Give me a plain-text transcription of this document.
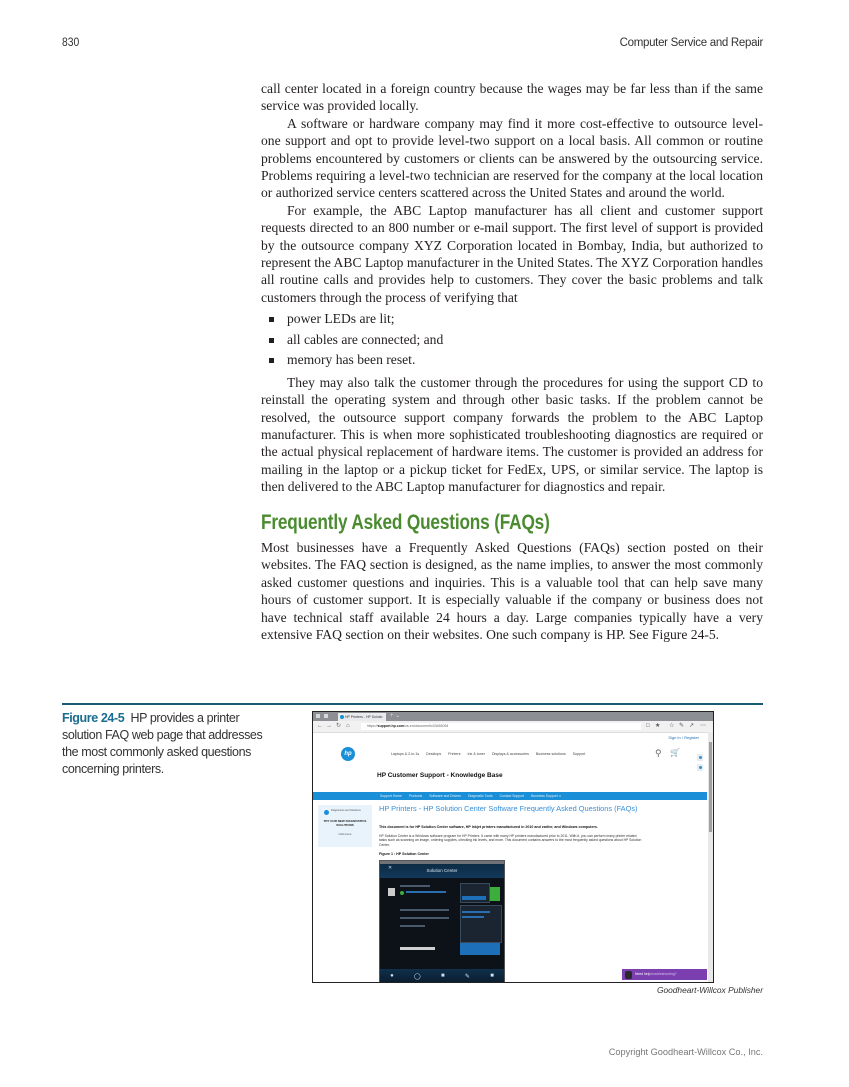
830	Computer Service and Repair

call center located in a foreign country because the wages may be far less than if the same service was provided locally.

A software or hardware company may find it more cost-effective to outsource level-one support and opt to provide level-two support on a local basis. All common or routine problems encountered by customers or clients can be answered by the outsourcing service. Problems requiring a level-two technician are reserved for the company at the local location or authorized service centers scattered across the United States and around the world.

For example, the ABC Laptop manufacturer has all client and customer support requests directed to an 800 number or e-mail support. The first level of support is provided by the outsource company XYZ Corporation located in Bombay, India, but authorized to represent the ABC Laptop manufacturer in the United States. The XYZ Corporation handles all routine calls and provides help to customers. They cover the basic problems and talk customers through the process of verifying that

power LEDs are lit;
all cables are connected; and
memory has been reset.

They may also talk the customer through the procedures for using the support CD to reinstall the operating system and through other basic tasks. If the problem cannot be resolved, the outsource support company forwards the problem to the ABC Laptop manufacturer. This is when more sophisticated troubleshooting diagnostics are required or the actual physical replacement of hardware items. The customer is provided an address for mailing in the laptop or a pickup ticket for FedEx, UPS, or similar service. The laptop is then delivered to the ABC Laptop manufacturer for diagnostics and repair.

Frequently Asked Questions (FAQs)

Most businesses have a Frequently Asked Questions (FAQs) section posted on their websites. The FAQ section is designed, as the name implies, to answer the most commonly asked customer questions and inquiries. This is a valuable tool that can help save many hours of customer support. It is especially valuable if the company or business does not have technical staff available 24 hours a day. Large companies typically have a very extensive FAQ section on their websites. One such company is HP. See Figure 24-5.

Figure 24-5 HP provides a printer solution FAQ web page that addresses the most commonly asked questions concerning printers.
HP Printers - HP Solutio	+ ⌄
← → ↻ ⌂	https://support.hp.com/us-en/document/c03463054	□ ★ ☆ ✎ ↗ ⋯
Sign In / Register
hp	Laptops & 2-in-1s Desktops Printers Ink & toner Displays & accessories Business solutions Support	⚲ 🛒
HP Customer Support - Knowledge Base
Support Home Products Software and Drivers Diagnostic Tools Contact Support Business Support ∨
Diagnostics and Solutions
TRY OUR NEW DIAGNOSTICS SOLUTIONS
Click Here
HP Printers - HP Solution Center Software Frequently Asked Questions (FAQs)
This document is for HP Solution Center software, HP Inkjet printers manufactured in 2010 and earlier, and Windows computers.
HP Solution Center is a Windows software program for HP Printers. It came with many HP printers manufactured prior to 2011. With it, you can perform many printer related tasks such as scanning an image, ordering supplies, checking ink levels, and more. This document contains answers to the most frequently asked questions about HP Solution Center.
Figure 1 : HP Solution Center
Solution Center
✕
●	◯	■	✎	■	Need help troubleshooting?
Goodheart-Willcox Publisher
Copyright Goodheart-Willcox Co., Inc.
